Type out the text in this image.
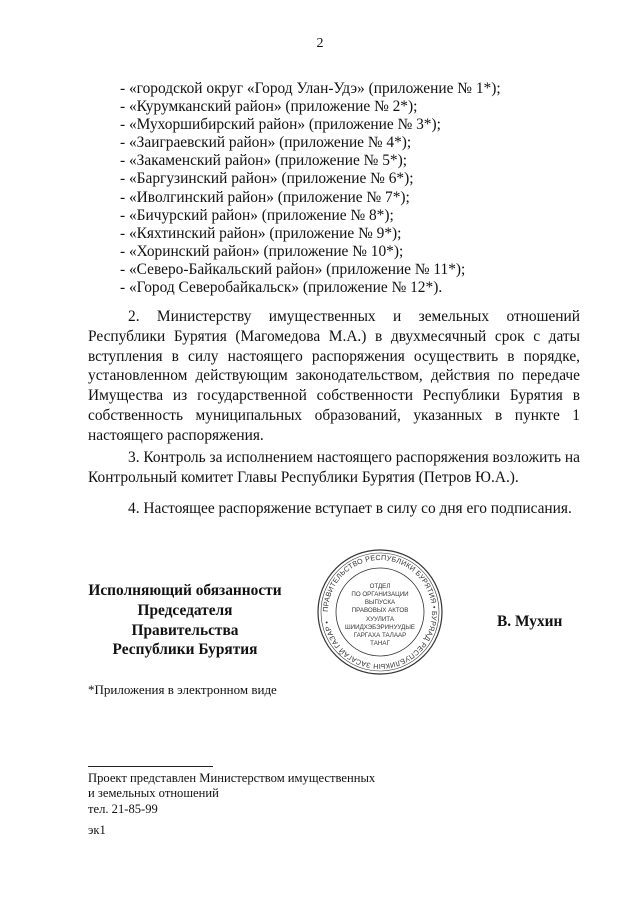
2
- «городской округ «Город Улан-Удэ» (приложение № 1*);
- «Курумканский район» (приложение № 2*);
- «Мухоршибирский район» (приложение № 3*);
- «Заиграевский район» (приложение № 4*);
- «Закаменский район» (приложение № 5*);
- «Баргузинский район» (приложение № 6*);
- «Иволгинский район» (приложение № 7*);
- «Бичурский район» (приложение № 8*);
- «Кяхтинский район» (приложение № 9*);
- «Хоринский район» (приложение № 10*);
- «Северо-Байкальский район» (приложение № 11*);
- «Город Северобайкальск» (приложение № 12*).

2. Министерству имущественных и земельных отношений Республики Бурятия (Магомедова М.А.) в двухмесячный срок с даты вступления в силу настоящего распоряжения осуществить в порядке, установленном действующим законодательством, действия по передаче Имущества из государственной собственности Республики Бурятия в собственность муниципальных образований, указанных в пункте 1 настоящего распоряжения.

3. Контроль за исполнением настоящего распоряжения возложить на Контрольный комитет Главы Республики Бурятия (Петров Ю.А.).

4. Настоящее распоряжение вступает в силу со дня его подписания.

Исполняющий обязанности
Председателя Правительства
Республики Бурятия
ПРАВИТЕЛЬСТВО РЕСПУБЛИКИ БУРЯТИЯ • БУРЯАД РЕСПУБЛИКЫН ЗАСАГАЙ ГАЗАР •
ОТДЕЛ
ПО ОРГАНИЗАЦИИ
ВЫПУСКА
ПРАВОВЫХ АКТОВ
ХУУЛИТА
ШИИДХЭБЭРИНУУДЫЕ
ГАРГАХА ТАЛААР
ТАНАГ
В. Мухин
*Приложения в электронном виде
Проект представлен Министерством имущественных
и земельных отношений
тел. 21-85-99
эк1
